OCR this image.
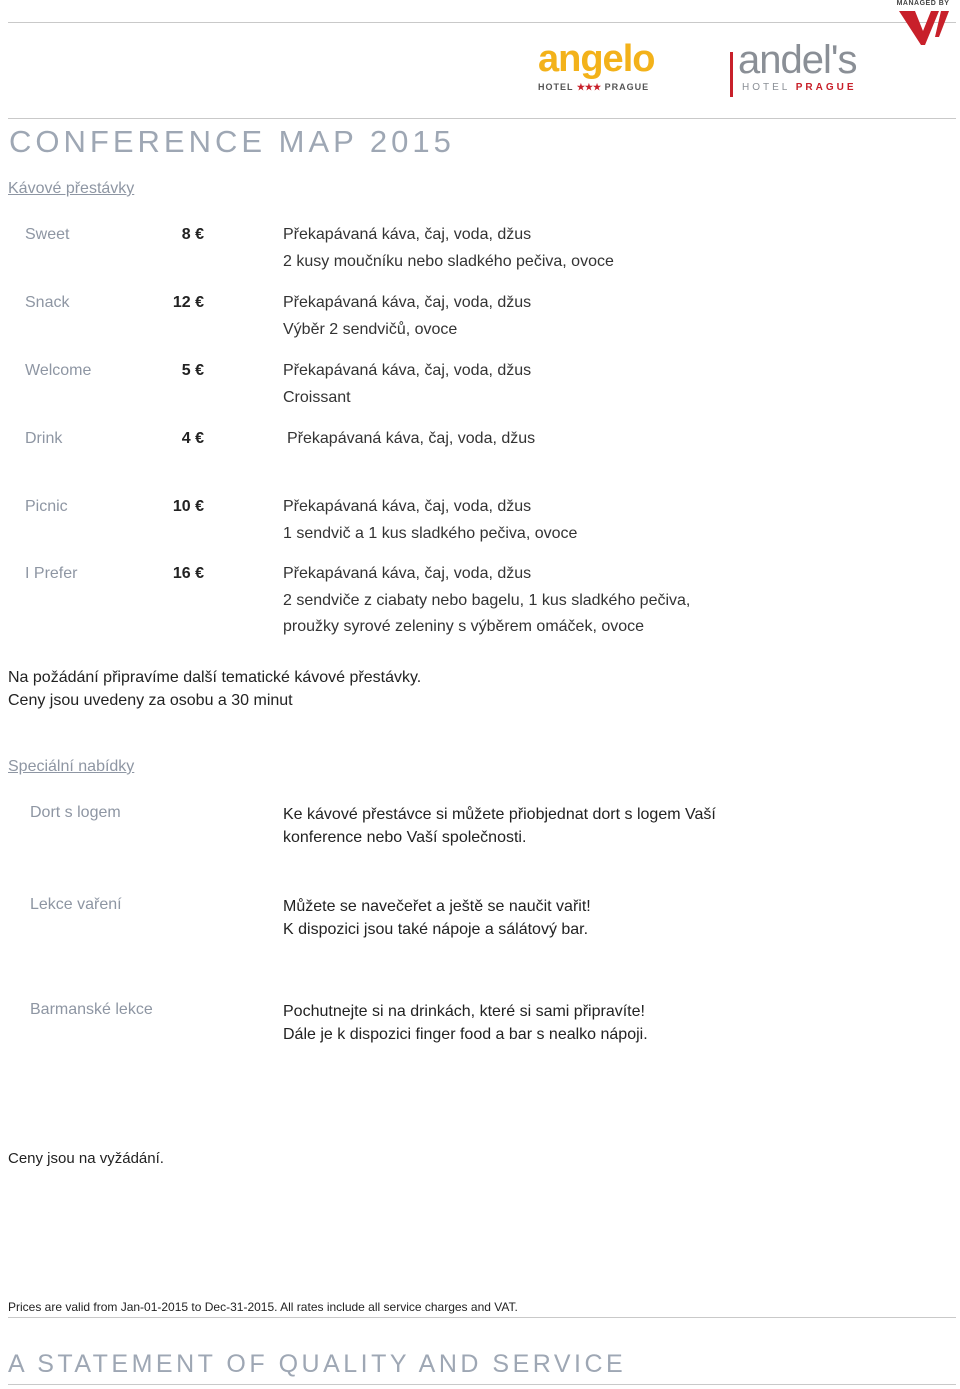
angelo
HOTEL ★★★ PRAGUE
andel's
HOTEL PRAGUE
MANAGED BY
CONFERENCE MAP 2015
Kávové přestávky
Sweet	8 €	Překapávaná káva, čaj, voda, džus
2 kusy moučníku nebo sladkého pečiva, ovoce
Snack	12 €	Překapávaná káva, čaj, voda, džus
Výběr 2 sendvičů, ovoce
Welcome	5 €	Překapávaná káva, čaj, voda, džus
Croissant
Drink	4 €	Překapávaná káva, čaj, voda, džus
Picnic	10 €	Překapávaná káva, čaj, voda, džus
1 sendvič a 1 kus sladkého pečiva, ovoce
I Prefer	16 €	Překapávaná káva, čaj, voda, džus
2 sendviče z ciabaty nebo bagelu, 1 kus sladkého pečiva,
proužky syrové zeleniny s výběrem omáček, ovoce
Na požádání připravíme další tematické kávové přestávky.
Ceny jsou uvedeny za osobu a 30 minut
Speciální nabídky
Dort s logem	Ke kávové přestávce si můžete přiobjednat dort s logem Vaší
konference nebo Vaší společnosti.
Lekce vaření	Můžete se navečeřet a ještě se naučit vařit!
K dispozici jsou také nápoje a sálátový bar.
Barmanské lekce	Pochutnejte si na drinkách, které si sami připravíte!
Dále je k dispozici finger food a bar s nealko nápoji.
Ceny jsou na vyžádání.
Prices are valid from Jan-01-2015 to Dec-31-2015. All rates include all service charges and VAT.
A STATEMENT OF QUALITY AND SERVICE
